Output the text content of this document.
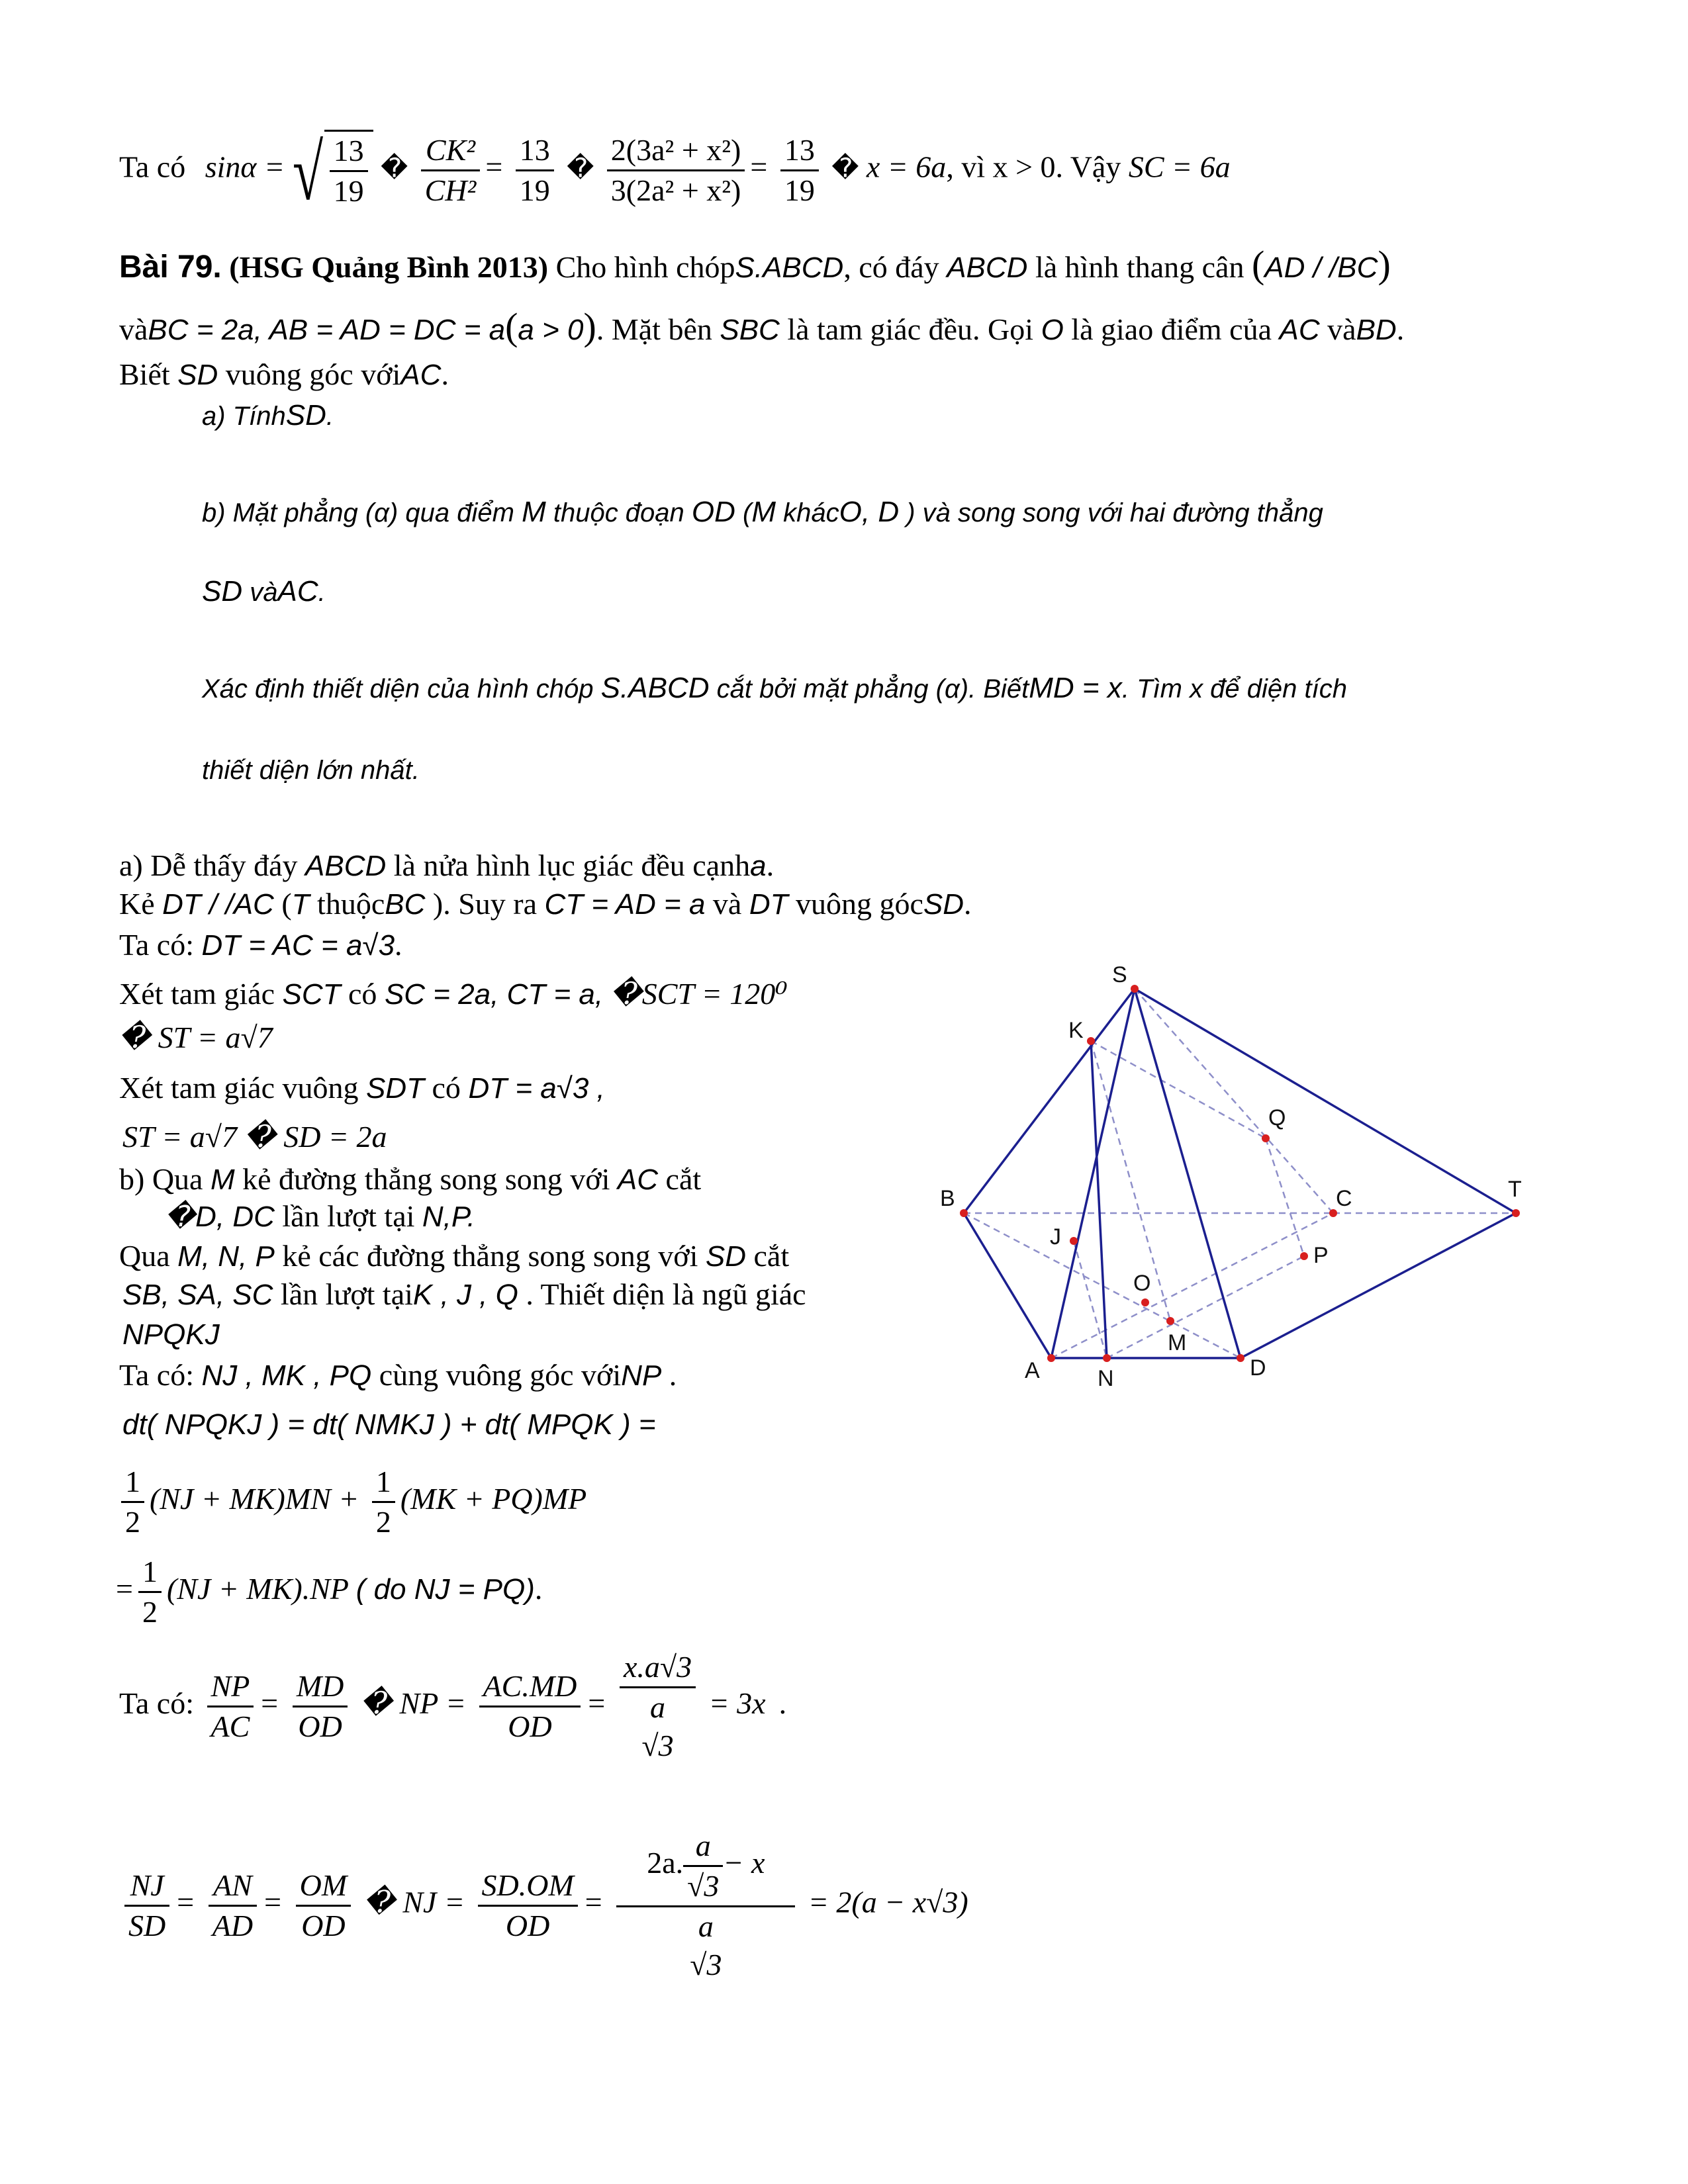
Ta có sinα = √ $\frac{13}{19}$ � $\frac{\text{CK²}}{\text{CH²}} = \frac{13}{19}$ � $\frac{\text{2(3a² + x²)}}{\text{3(2a² + x²)}} = \frac{13}{19}$ � x = 6a, vì x > 0. Vậy SC = 6a
Bài 79. (HSG Quảng Bình 2013) Cho hình chópS.ABCD, có đáy ABCD là hình thang cân (AD / /BC)
vàBC = 2a, AB = AD = DC = a(a > 0). Mặt bên SBC là tam giác đều. Gọi O là giao điểm của AC vàBD.
Biết SD vuông góc vớiAC.
a) TínhSD.
b) Mặt phẳng (α) qua điểm M thuộc đoạn OD (M khácO, D ) và song song với hai đường thẳng
SD vàAC.
Xác định thiết diện của hình chóp S.ABCD cắt bởi mặt phẳng (α). BiếtMD = x. Tìm x để diện tích
thiết diện lớn nhất.
a) Dễ thấy đáy ABCD là nửa hình lục giác đều cạnha.
Kẻ DT / /AC (T thuộcBC ). Suy ra CT = AD = a và DT vuông gócSD.
Ta có: DT = AC = a√3.
Xét tam giác SCT có SC = 2a, CT = a, �SCT = 120⁰
� ST = a√7
Xét tam giác vuông SDT có DT = a√3 ,
ST = a√7 � SD = 2a
b) Qua M kẻ đường thẳng song song với AC cắt
�D, DC lần lượt tại N,P.
Qua M, N, P kẻ các đường thẳng song song với SD cắt
SB, SA, SC lần lượt tạiK , J , Q . Thiết diện là ngũ giác
NPQKJ
Ta có: NJ , MK , PQ cùng vuông góc vớiNP .
dt( NPQKJ ) = dt( NMKJ ) + dt( MPQK ) =
$\frac{1}{2} (NJ + MK)MN + \frac{1}{2} (MK + PQ)MP$
= $\frac{1}{2} (NJ + MK).NP$ ( do NJ = PQ).
Ta có: $\frac{NP}{AC} = \frac{MD}{OD}$ � NP = $\frac{AC.MD}{OD} = x.a√3$
a
√3 = 3x .
$\frac{NJ}{SD} = \frac{AN}{AD} = \frac{OM}{OD}$ � NJ = $\frac{SD.OM}{OD} = 2a$. $\frac{a}{√3} - x$
a
√3 = 2(a − x√3)
S
K
Q
B	C	T
J
P
O
M
A	N	D
